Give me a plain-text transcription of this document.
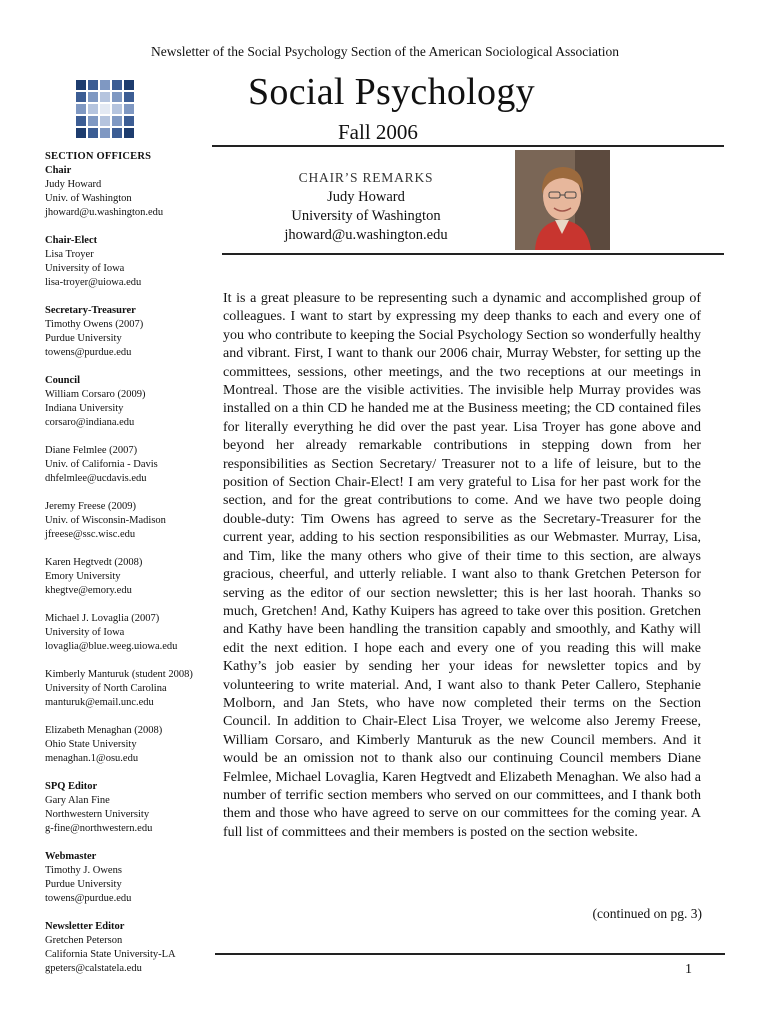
Newsletter of the Social Psychology Section of the American Sociological Association
Social Psychology
Fall 2006
SECTION OFFICERS
Chair
Judy Howard
Univ. of Washington
jhoward@u.washington.edu
Chair-Elect
Lisa Troyer
University of Iowa
lisa-troyer@uiowa.edu
Secretary-Treasurer
Timothy Owens (2007)
Purdue University
towens@purdue.edu
Council
William Corsaro (2009)
Indiana University
corsaro@indiana.edu
Diane Felmlee (2007)
Univ. of California - Davis
dhfelmlee@ucdavis.edu
Jeremy Freese (2009)
Univ. of Wisconsin-Madison
jfreese@ssc.wisc.edu
Karen Hegtvedt (2008)
Emory University
khegtve@emory.edu
Michael J. Lovaglia (2007)
University of Iowa
lovaglia@blue.weeg.uiowa.edu
Kimberly Manturuk (student 2008)
University of North Carolina
manturuk@email.unc.edu
Elizabeth Menaghan (2008)
Ohio State University
menaghan.1@osu.edu
SPQ Editor
Gary Alan Fine
Northwestern University
g-fine@northwestern.edu
Webmaster
Timothy J. Owens
Purdue University
towens@purdue.edu
Newsletter Editor
Gretchen Peterson
California State University-LA
gpeters@calstatela.edu
CHAIR’S REMARKS
Judy Howard
University of Washington
jhoward@u.washington.edu
It is a great pleasure to be representing such a dynamic and accomplished group of colleagues. I want to start by expressing my deep thanks to each and every one of you who contribute to keeping the Social Psychology Section so wonderfully healthy and vibrant. First, I want to thank our 2006 chair, Murray Webster, for setting up the committees, sessions, other meetings, and the two receptions at our meetings in Montreal. Those are the visible activities. The invisible help Murray provides was installed on a thin CD he handed me at the Business meeting; the CD contained files for literally everything he did over the past year. Lisa Troyer has gone above and beyond her already remarkable contributions in stepping down from her responsibilities as Section Secretary/ Treasurer not to a life of leisure, but to the position of Section Chair-Elect! I am very grateful to Lisa for her past work for the section, and for the great contributions to come. And we have two people doing double-duty: Tim Owens has agreed to serve as the Secretary-Treasurer for the current year, adding to his section responsibilities as our Webmaster. Murray, Lisa, and Tim, like the many others who give of their time to this section, are always gracious, cheerful, and utterly reliable. I want also to thank Gretchen Peterson for serving as the editor of our section newsletter; this is her last hoorah. Thanks so much, Gretchen! And, Kathy Kuipers has agreed to take over this position. Gretchen and Kathy have been handling the transition capably and smoothly, and Kathy will edit the next edition. I hope each and every one of you reading this will make Kathy’s job easier by sending her your ideas for newsletter topics and by volunteering to write material. And, I want also to thank Peter Callero, Stephanie Molborn, and Jan Stets, who have now completed their terms on the Section Council. In addition to Chair-Elect Lisa Troyer, we welcome also Jeremy Freese, William Corsaro, and Kimberly Manturuk as the new Council members. And it would be an omission not to thank also our continuing Council members Diane Felmlee, Michael Lovaglia, Karen Hegtvedt and Elizabeth Menaghan. We also had a number of terrific section members who served on our committees, and I thank both them and those who have agreed to serve on our committees for the coming year. A full list of committees and their members is posted on the section website.
(continued on pg. 3)
1
